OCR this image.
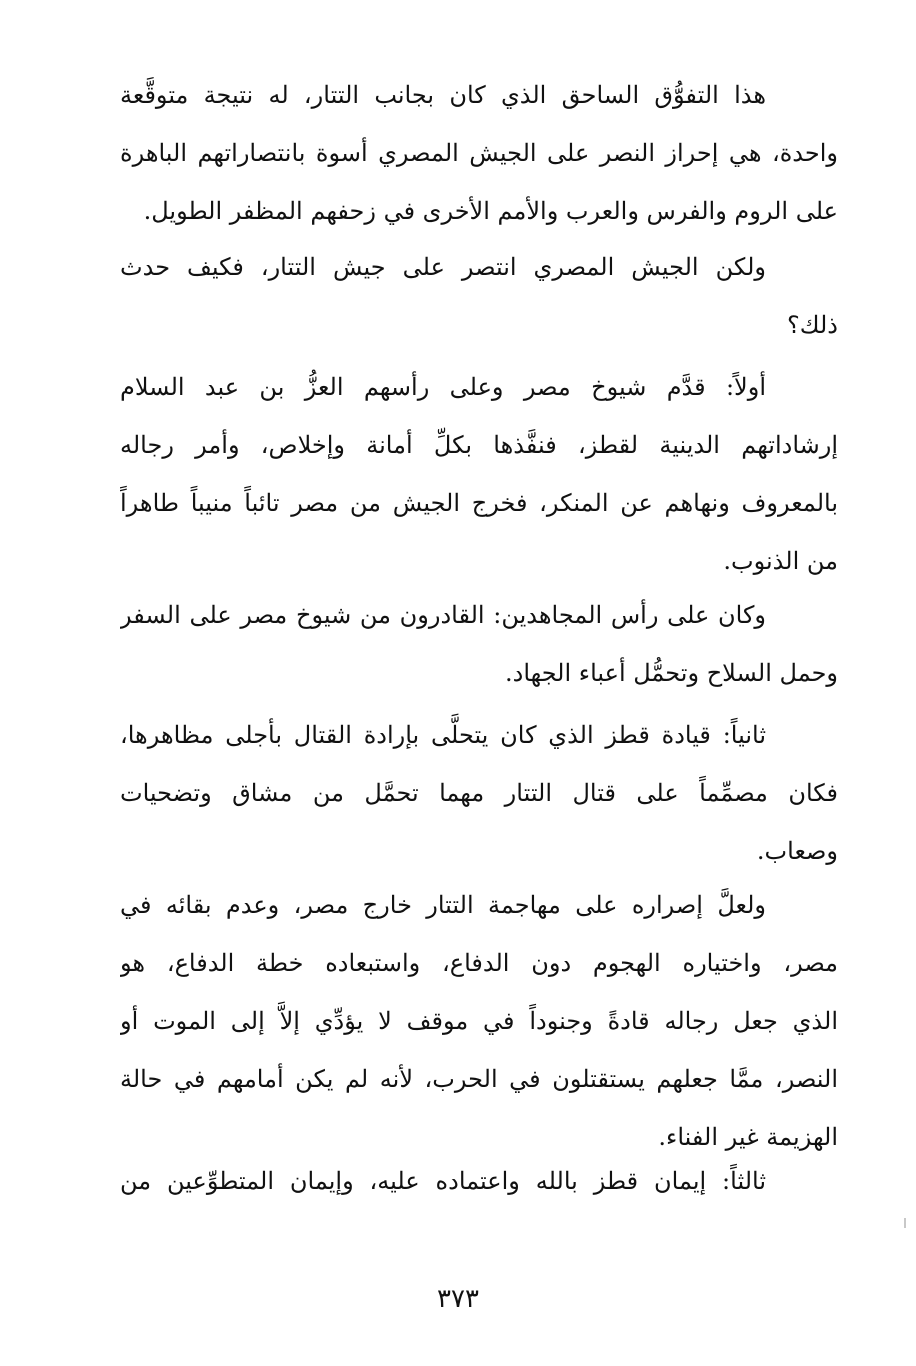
هذا التفوُّق الساحق الذي كان بجانب التتار، له نتيجة متوقَّعة
واحدة، هي إحراز النصر على الجيش المصري أسوة بانتصاراتهم الباهرة
على الروم والفرس والعرب والأمم الأخرى في زحفهم المظفر الطويل.
ولكن الجيش المصري انتصر على جيش التتار، فكيف حدث
ذلك؟
أولاً: قدَّم شيوخ مصر وعلى رأسهم العزُّ بن عبد السلام
إرشاداتهم الدينية لقطز، فنفَّذها بكلِّ أمانة وإخلاص، وأمر رجاله
بالمعروف ونهاهم عن المنكر، فخرج الجيش من مصر تائباً منيباً طاهراً
من الذنوب.
وكان على رأس المجاهدين: القادرون من شيوخ مصر على السفر
وحمل السلاح وتحمُّل أعباء الجهاد.
ثانياً: قيادة قطز الذي كان يتحلَّى بإرادة القتال بأجلى مظاهرها،
فكان مصمِّماً على قتال التتار مهما تحمَّل من مشاق وتضحيات
وصعاب.
ولعلَّ إصراره على مهاجمة التتار خارج مصر، وعدم بقائه في
مصر، واختياره الهجوم دون الدفاع، واستبعاده خطة الدفاع، هو
الذي جعل رجاله قادةً وجنوداً في موقف لا يؤدِّي إلاَّ إلى الموت أو
النصر، ممَّا جعلهم يستقتلون في الحرب، لأنه لم يكن أمامهم في حالة
الهزيمة غير الفناء.
ثالثاً: إيمان قطز بالله واعتماده عليه، وإيمان المتطوِّعين من
٣٧٣
